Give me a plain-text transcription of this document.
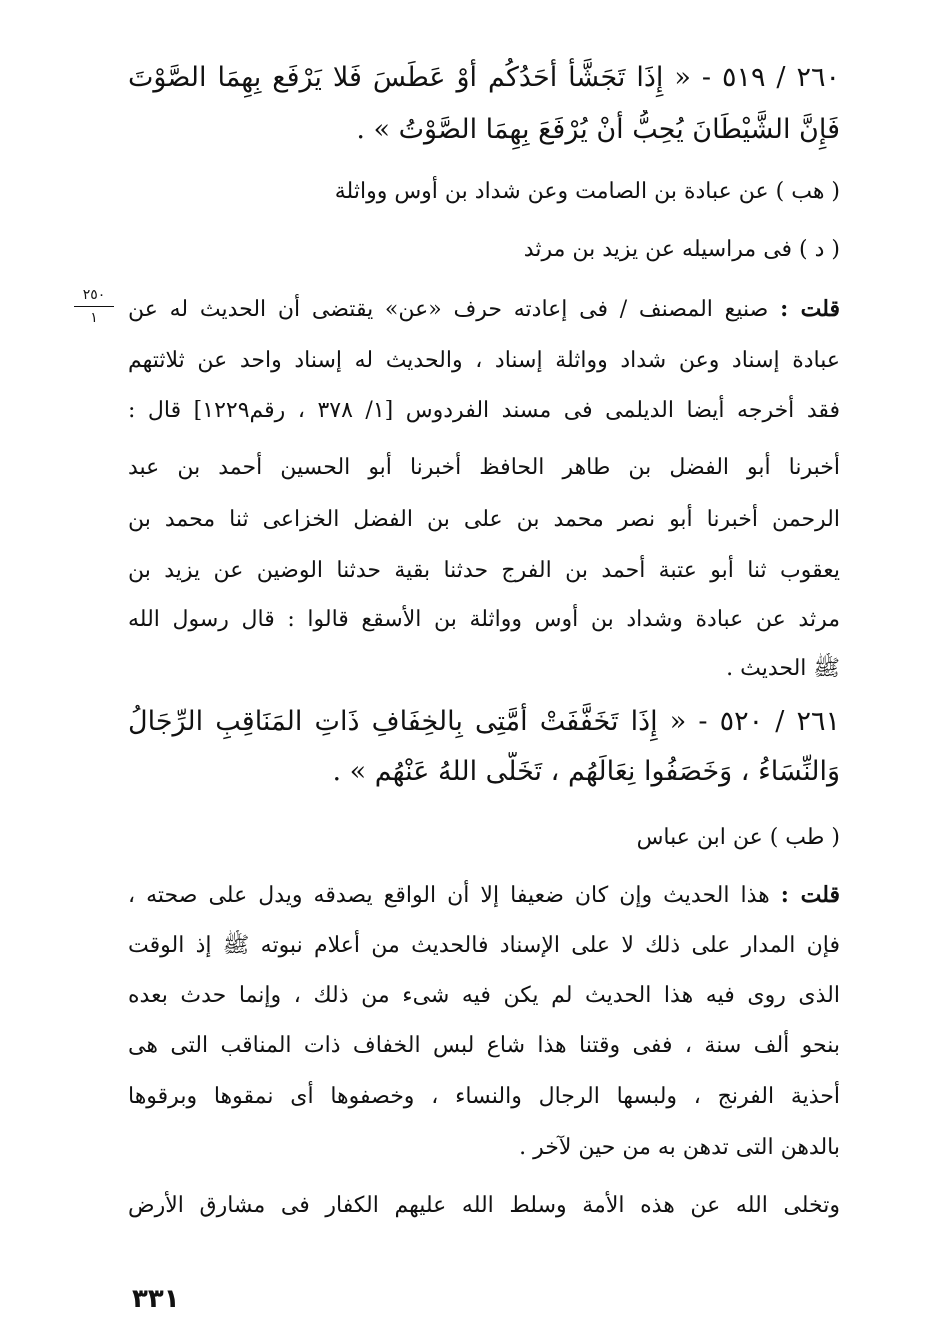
٢٦٠ / ٥١٩ - « إِذَا تَجَشَّأَ أَحَدُكُم أَوْ عَطَسَ فَلا يَرْفَع بِهِمَا الصَّوْتَ
فَإِنَّ الشَّيْطَانَ يُحِبُّ أَنْ يُرْفَعَ بِهِمَا الصَّوْتُ » .
( هب ) عن عبادة بن الصامت وعن شداد بن أوس وواثلة
( د ) فى مراسيله عن يزيد بن مرثد
٢٥٠
١	قلت : صنيع المصنف / فى إعادته حرف «عن» يقتضى أن الحديث له عن
عبادة إسناد وعن شداد وواثلة إسناد ، والحديث له إسناد واحد عن ثلاثتهم
فقد أخرجه أيضا الديلمى فى مسند الفردوس [١/ ٣٧٨ ، رقم١٢٢٩] قال :
أخبرنا أبو الفضل بن طاهر الحافظ أخبرنا أبو الحسين أحمد بن عبد
الرحمن أخبرنا أبو نصر محمد بن على بن الفضل الخزاعى ثنا محمد بن
يعقوب ثنا أبو عتبة أحمد بن الفرج حدثنا بقية حدثنا الوضين عن يزيد بن
مرثد عن عبادة وشداد بن أوس وواثلة بن الأسقع قالوا : قال رسول الله
ﷺ الحديث .
٢٦١ / ٥٢٠ - « إِذَا تَخَفَّفَتْ أُمَّتِى بِالخِفَافِ ذَاتِ المَنَاقِبِ الرِّجَالُ
وَالنِّسَاءُ ، وَخَصَفُوا نِعَالَهُم ، تَخَلَّى اللهُ عَنْهُم » .
( طب ) عن ابن عباس
قلت : هذا الحديث وإن كان ضعيفا إلا أن الواقع يصدقه ويدل على صحته ،
فإن المدار على ذلك لا على الإسناد فالحديث من أعلام نبوته ﷺ إذ الوقت
الذى روى فيه هذا الحديث لم يكن فيه شىء من ذلك ، وإنما حدث بعده
بنحو ألف سنة ، ففى وقتنا هذا شاع لبس الخفاف ذات المناقب التى هى
أحذية الفرنج ، ولبسها الرجال والنساء ، وخصفوها أى نمقوها وبرقوها
بالدهن التى تدهن به من حين لآخر .
وتخلى الله عن هذه الأمة وسلط الله عليهم الكفار فى مشارق الأرض
٣٣١
